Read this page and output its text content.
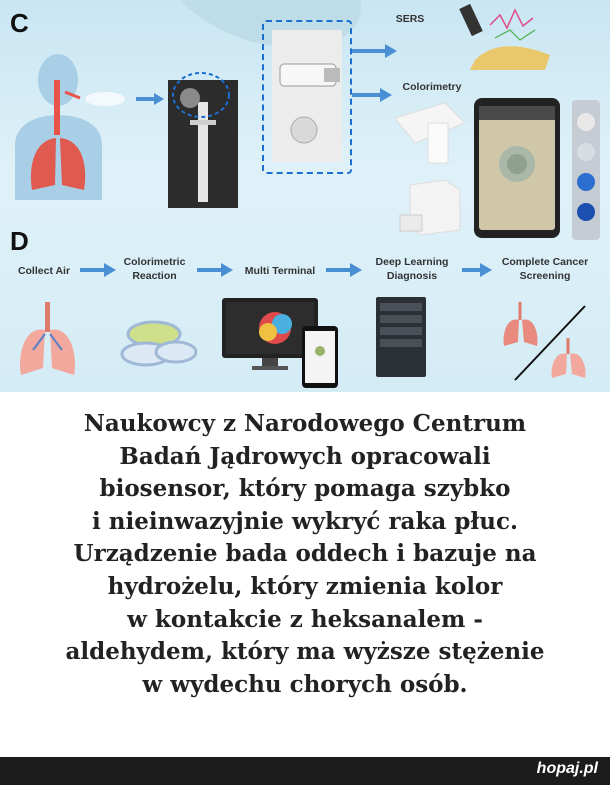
C	SERS
Colorimetry
D
Collect Air
Colorimetric
Reaction	Multi Terminal
Deep Learning
Diagnosis
Complete Cancer
Screening
Naukowcy z Narodowego Centrum
Badań Jądrowych opracowali
biosensor, który pomaga szybko
i nieinwazyjnie wykryć raka płuc.
Urządzenie bada oddech i bazuje na
hydrożelu, który zmienia kolor
w kontakcie z heksanalem -
aldehydem, który ma wyższe stężenie
w wydechu chorych osób.
hopaj.pl
